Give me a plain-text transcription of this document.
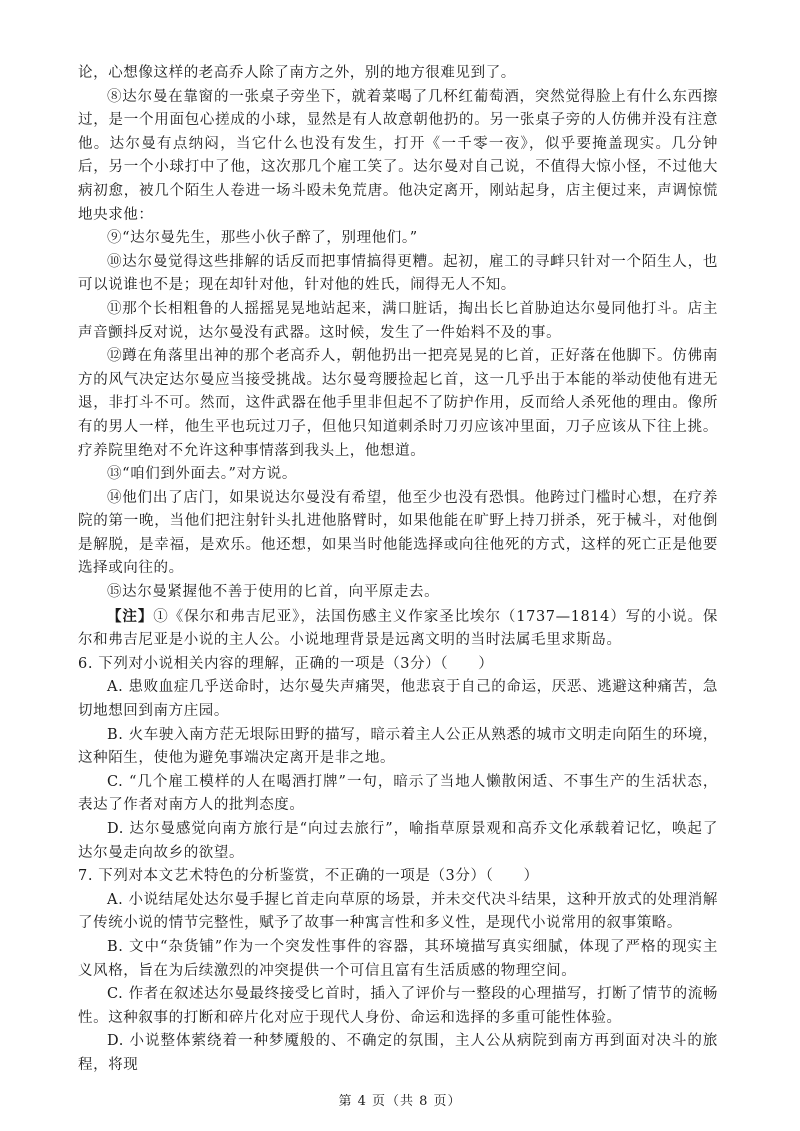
论，心想像这样的老高乔人除了南方之外，别的地方很难见到了。

⑧达尔曼在靠窗的一张桌子旁坐下，就着菜喝了几杯红葡萄酒，突然觉得脸上有什么东西擦过，是一个用面包心搓成的小球，显然是有人故意朝他扔的。另一张桌子旁的人仿佛并没有注意他。达尔曼有点纳闷，当它什么也没有发生，打开《一千零一夜》，似乎要掩盖现实。几分钟后，另一个小球打中了他，这次那几个雇工笑了。达尔曼对自己说，不值得大惊小怪，不过他大病初愈，被几个陌生人卷进一场斗殴未免荒唐。他决定离开，刚站起身，店主便过来，声调惊慌地央求他：

⑨“达尔曼先生，那些小伙子醉了，别理他们。”

⑩达尔曼觉得这些排解的话反而把事情搞得更糟。起初，雇工的寻衅只针对一个陌生人，也可以说谁也不是；现在却针对他，针对他的姓氏，闹得无人不知。

⑪那个长相粗鲁的人摇摇晃晃地站起来，满口脏话，掏出长匕首胁迫达尔曼同他打斗。店主声音颤抖反对说，达尔曼没有武器。这时候，发生了一件始料不及的事。

⑫蹲在角落里出神的那个老高乔人，朝他扔出一把亮晃晃的匕首，正好落在他脚下。仿佛南方的风气决定达尔曼应当接受挑战。达尔曼弯腰捡起匕首，这一几乎出于本能的举动使他有进无退，非打斗不可。然而，这件武器在他手里非但起不了防护作用，反而给人杀死他的理由。像所有的男人一样，他生平也玩过刀子，但他只知道刺杀时刀刃应该冲里面，刀子应该从下往上挑。疗养院里绝对不允许这种事情落到我头上，他想道。

⑬“咱们到外面去。”对方说。

⑭他们出了店门，如果说达尔曼没有希望，他至少也没有恐惧。他跨过门槛时心想，在疗养院的第一晚，当他们把注射针头扎进他胳臂时，如果他能在旷野上持刀拼杀，死于械斗，对他倒是解脱，是幸福，是欢乐。他还想，如果当时他能选择或向往他死的方式，这样的死亡正是他要选择或向往的。

⑮达尔曼紧握他不善于使用的匕首，向平原走去。

【注】①《保尔和弗吉尼亚》，法国伤感主义作家圣比埃尔（1737—1814）写的小说。保尔和弗吉尼亚是小说的主人公。小说地理背景是远离文明的当时法属毛里求斯岛。

6. 下列对小说相关内容的理解，正确的一项是（3分）（　　）

A. 患败血症几乎送命时，达尔曼失声痛哭，他悲哀于自己的命运，厌恶、逃避这种痛苦，急切地想回到南方庄园。

B. 火车驶入南方茫无垠际田野的描写，暗示着主人公正从熟悉的城市文明走向陌生的环境，这种陌生，使他为避免事端决定离开是非之地。

C. “几个雇工模样的人在喝酒打牌”一句，暗示了当地人懒散闲适、不事生产的生活状态，表达了作者对南方人的批判态度。

D. 达尔曼感觉向南方旅行是“向过去旅行”，喻指草原景观和高乔文化承载着记忆，唤起了达尔曼走向故乡的欲望。

7. 下列对本文艺术特色的分析鉴赏，不正确的一项是（3分）（　　）

A. 小说结尾处达尔曼手握匕首走向草原的场景，并未交代决斗结果，这种开放式的处理消解了传统小说的情节完整性，赋予了故事一种寓言性和多义性，是现代小说常用的叙事策略。

B. 文中“杂货铺”作为一个突发性事件的容器，其环境描写真实细腻，体现了严格的现实主义风格，旨在为后续激烈的冲突提供一个可信且富有生活质感的物理空间。

C. 作者在叙述达尔曼最终接受匕首时，插入了评价与一整段的心理描写，打断了情节的流畅性。这种叙事的打断和碎片化对应于现代人身份、命运和选择的多重可能性体验。

D. 小说整体萦绕着一种梦魇般的、不确定的氛围，主人公从病院到南方再到面对决斗的旅程，将现

第 4 页（共 8 页）
